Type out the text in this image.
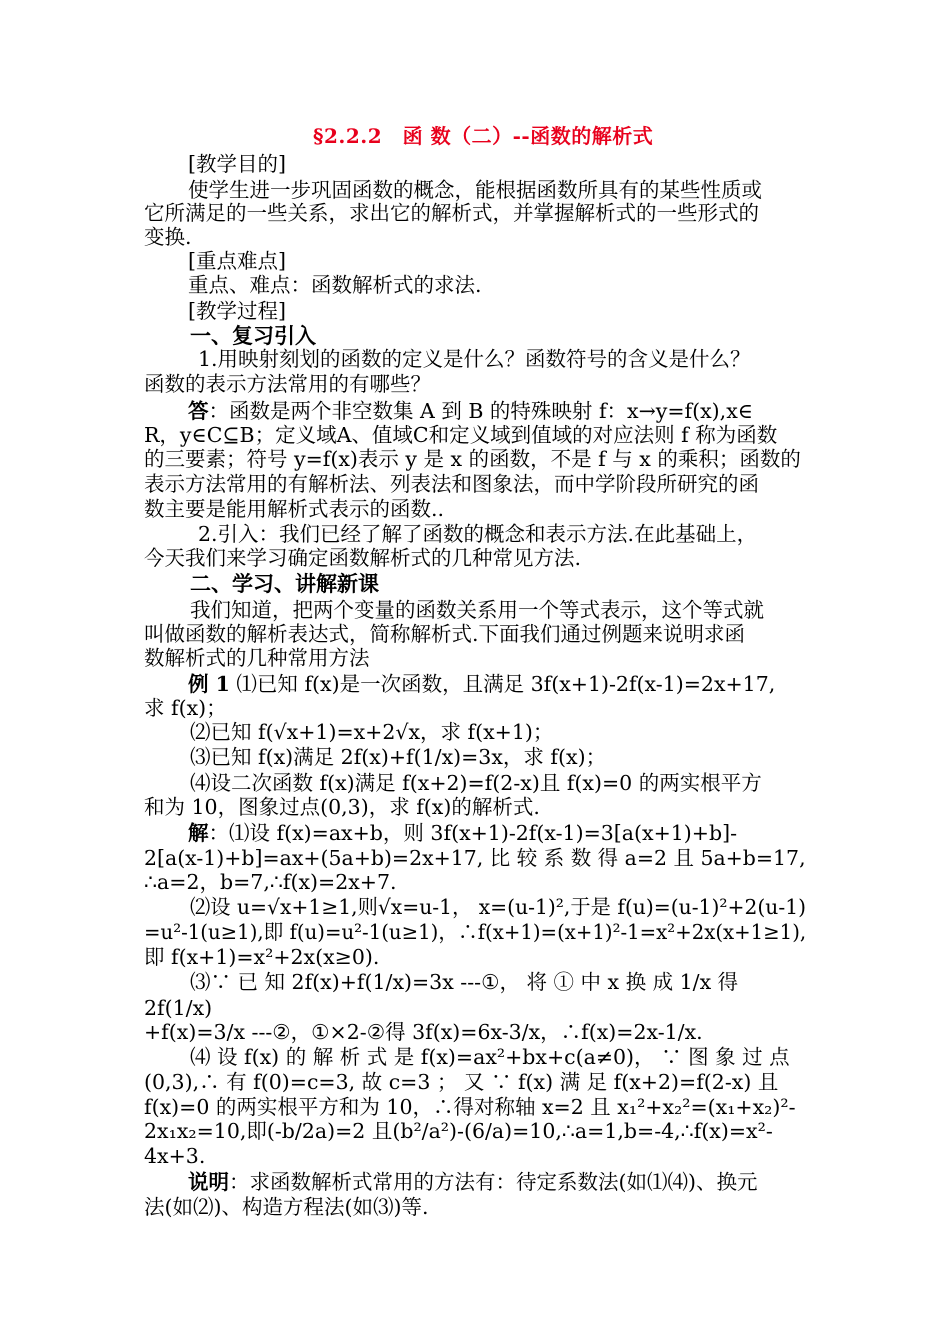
§2.2.2　函 数（二）--函数的解析式
[教学目的]
使学生进一步巩固函数的概念，能根据函数所具有的某些性质或
它所满足的一些关系，求出它的解析式，并掌握解析式的一些形式的
变换.
[重点难点]
重点、难点：函数解析式的求法.
[教学过程]
一、复习引入
1.用映射刻划的函数的定义是什么？函数符号的含义是什么？
函数的表示方法常用的有哪些？
答：函数是两个非空数集 A 到 B 的特殊映射 f：x→y=f(x),x∈
R，y∈C⊆B；定义域A、值域C和定义域到值域的对应法则 f 称为函数
的三要素；符号 y=f(x)表示 y 是 x 的函数，不是 f 与 x 的乘积；函数的
表示方法常用的有解析法、列表法和图象法，而中学阶段所研究的函
数主要是能用解析式表示的函数..
2.引入：我们已经了解了函数的概念和表示方法.在此基础上，
今天我们来学习确定函数解析式的几种常见方法.
二、学习、讲解新课
我们知道，把两个变量的函数关系用一个等式表示，这个等式就
叫做函数的解析表达式，简称解析式.下面我们通过例题来说明求函
数解析式的几种常用方法
例 1 ⑴已知 f(x)是一次函数，且满足 3f(x+1)-2f(x-1)=2x+17,
求 f(x)；
⑵已知 f(√x+1)=x+2√x，求 f(x+1)；
⑶已知 f(x)满足 2f(x)+f(1/x)=3x，求 f(x)；
⑷设二次函数 f(x)满足 f(x+2)=f(2-x)且 f(x)=0 的两实根平方
和为 10，图象过点(0,3)，求 f(x)的解析式.
解：⑴设 f(x)=ax+b，则 3f(x+1)-2f(x-1)=3[a(x+1)+b]-
2[a(x-1)+b]=ax+(5a+b)=2x+17, 比 较 系 数 得 a=2 且 5a+b=17,
∴a=2，b=7,∴f(x)=2x+7.
⑵设 u=√x+1≥1,则√x=u-1， x=(u-1)²,于是 f(u)=(u-1)²+2(u-1)
=u²-1(u≥1),即 f(u)=u²-1(u≥1)，∴f(x+1)=(x+1)²-1=x²+2x(x+1≥1),
即 f(x+1)=x²+2x(x≥0).
⑶∵ 已 知 2f(x)+f(1/x)=3x ---①， 将 ① 中 x 换 成 1/x 得
2f(1/x)
+f(x)=3/x ---②，①×2-②得 3f(x)=6x-3/x，∴f(x)=2x-1/x.
⑷ 设 f(x) 的 解 析 式 是 f(x)=ax²+bx+c(a≠0)， ∵ 图 象 过 点
(0,3),∴ 有 f(0)=c=3, 故 c=3 ； 又 ∵ f(x) 满 足 f(x+2)=f(2-x) 且
f(x)=0 的两实根平方和为 10，∴得对称轴 x=2 且 x₁²+x₂²=(x₁+x₂)²-
2x₁x₂=10,即(-b/2a)=2 且(b²/a²)-(6/a)=10,∴a=1,b=-4,∴f(x)=x²-
4x+3.
说明：求函数解析式常用的方法有：待定系数法(如⑴⑷)、换元
法(如⑵)、构造方程法(如⑶)等.
